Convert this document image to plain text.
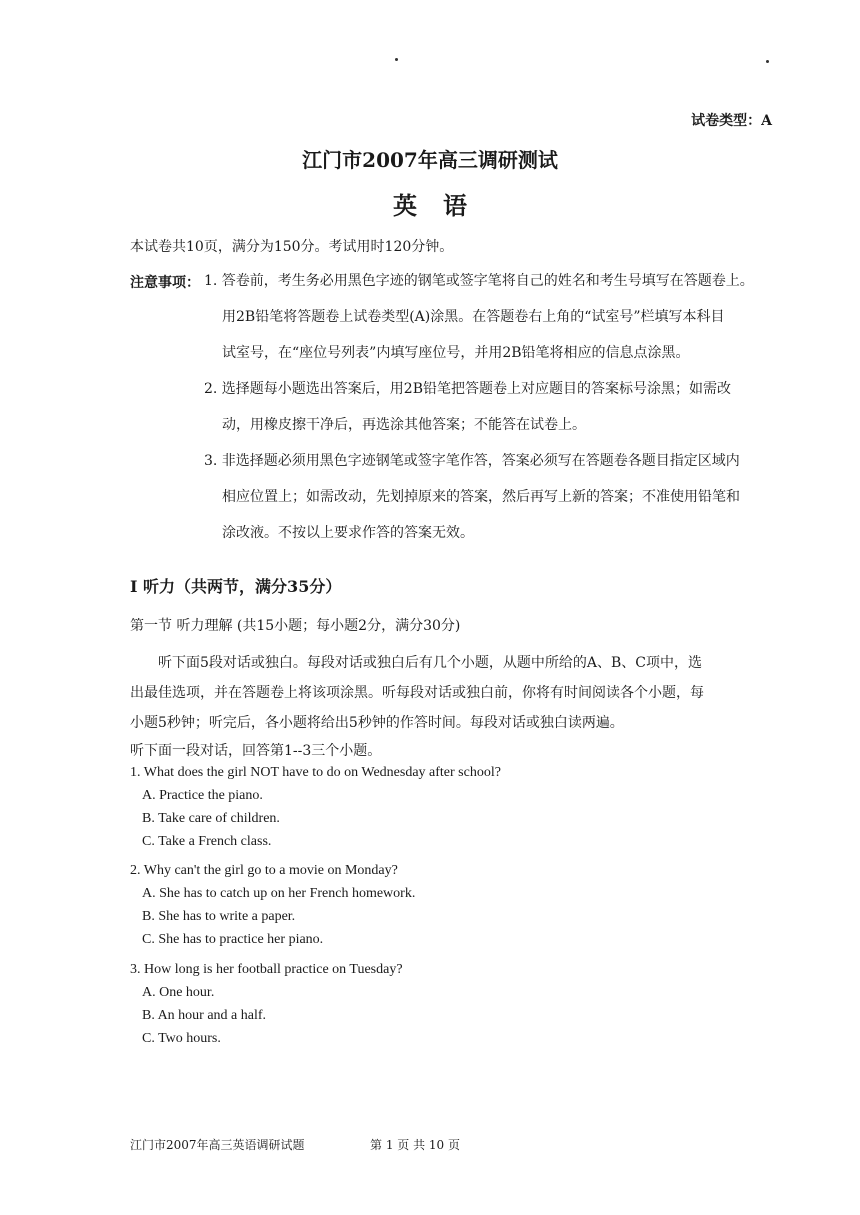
试卷类型：A
江门市2007年高三调研测试
英语
本试卷共10页，满分为150分。考试用时120分钟。
注意事项： 1. 答卷前，考生务必用黑色字迹的钢笔或签字笔将自己的姓名和考生号填写在答题卷上。
用2B铅笔将答题卷上试卷类型(A)涂黑。在答题卷右上角的“试室号”栏填写本科目
试室号，在“座位号列表”内填写座位号，并用2B铅笔将相应的信息点涂黑。
2. 选择题每小题选出答案后，用2B铅笔把答题卷上对应题目的答案标号涂黑；如需改
动，用橡皮擦干净后，再选涂其他答案；不能答在试卷上。
3. 非选择题必须用黑色字迹钢笔或签字笔作答，答案必须写在答题卷各题目指定区域内
相应位置上；如需改动，先划掉原来的答案，然后再写上新的答案；不准使用铅笔和
涂改液。不按以上要求作答的答案无效。
I 听力（共两节，满分35分）
第一节 听力理解 (共15小题；每小题2分，满分30分)
听下面5段对话或独白。每段对话或独白后有几个小题，从题中所给的A、B、C项中，选
出最佳选项，并在答题卷上将该项涂黑。听每段对话或独白前，你将有时间阅读各个小题，每
小题5秒钟；听完后，各小题将给出5秒钟的作答时间。每段对话或独白读两遍。
听下面一段对话，回答第1--3三个小题。
1. What does the girl NOT have to do on Wednesday after school?
A. Practice the piano.
B. Take care of children.
C. Take a French class.
2. Why can't the girl go to a movie on Monday?
A. She has to catch up on her French homework.
B. She has to write a paper.
C. She has to practice her piano.
3. How long is her football practice on Tuesday?
A. One hour.
B. An hour and a half.
C. Two hours.
江门市2007年高三英语调研试题	第 1 页 共 10 页
